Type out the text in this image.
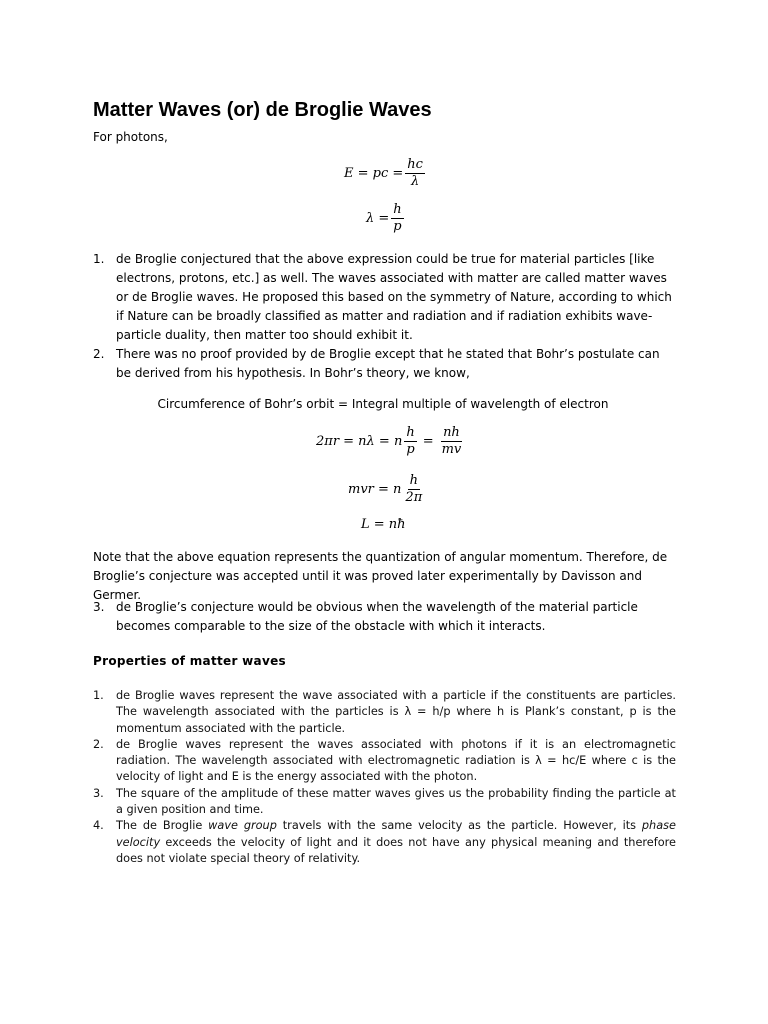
Matter Waves (or) de Broglie Waves

For photons,

E = pc = $\frac{hc}{\lambda}$
$\lambda = \frac{h}{p}$
1. de Broglie conjectured that the above expression could be true for material particles [like electrons, protons, etc.] as well. The waves associated with matter are called matter waves or de Broglie waves. He proposed this based on the symmetry of Nature, according to which if Nature can be broadly classified as matter and radiation and if radiation exhibits wave-particle duality, then matter too should exhibit it.
2. There was no proof provided by de Broglie except that he stated that Bohr’s postulate can be derived from his hypothesis. In Bohr’s theory, we know,

Circumference of Bohr’s orbit = Integral multiple of wavelength of electron

2πr = nλ = n $\frac{h}{p} = \frac{nh}{mv}$
mvr = n $\frac{h}{2\pi}$
L = nħ

Note that the above equation represents the quantization of angular momentum. Therefore, de Broglie’s conjecture was accepted until it was proved later experimentally by Davisson and Germer.

3. de Broglie’s conjecture would be obvious when the wavelength of the material particle becomes comparable to the size of the obstacle with which it interacts.
Properties of matter waves
1. de Broglie waves represent the wave associated with a particle if the constituents are particles. The wavelength associated with the particles is λ = h/p where h is Plank’s constant, p is the momentum associated with the particle.
2. de Broglie waves represent the waves associated with photons if it is an electromagnetic radiation. The wavelength associated with electromagnetic radiation is λ = hc/E where c is the velocity of light and E is the energy associated with the photon.
3. The square of the amplitude of these matter waves gives us the probability finding the particle at a given position and time.
4. The de Broglie wave group travels with the same velocity as the particle. However, its phase velocity exceeds the velocity of light and it does not have any physical meaning and therefore does not violate special theory of relativity.
